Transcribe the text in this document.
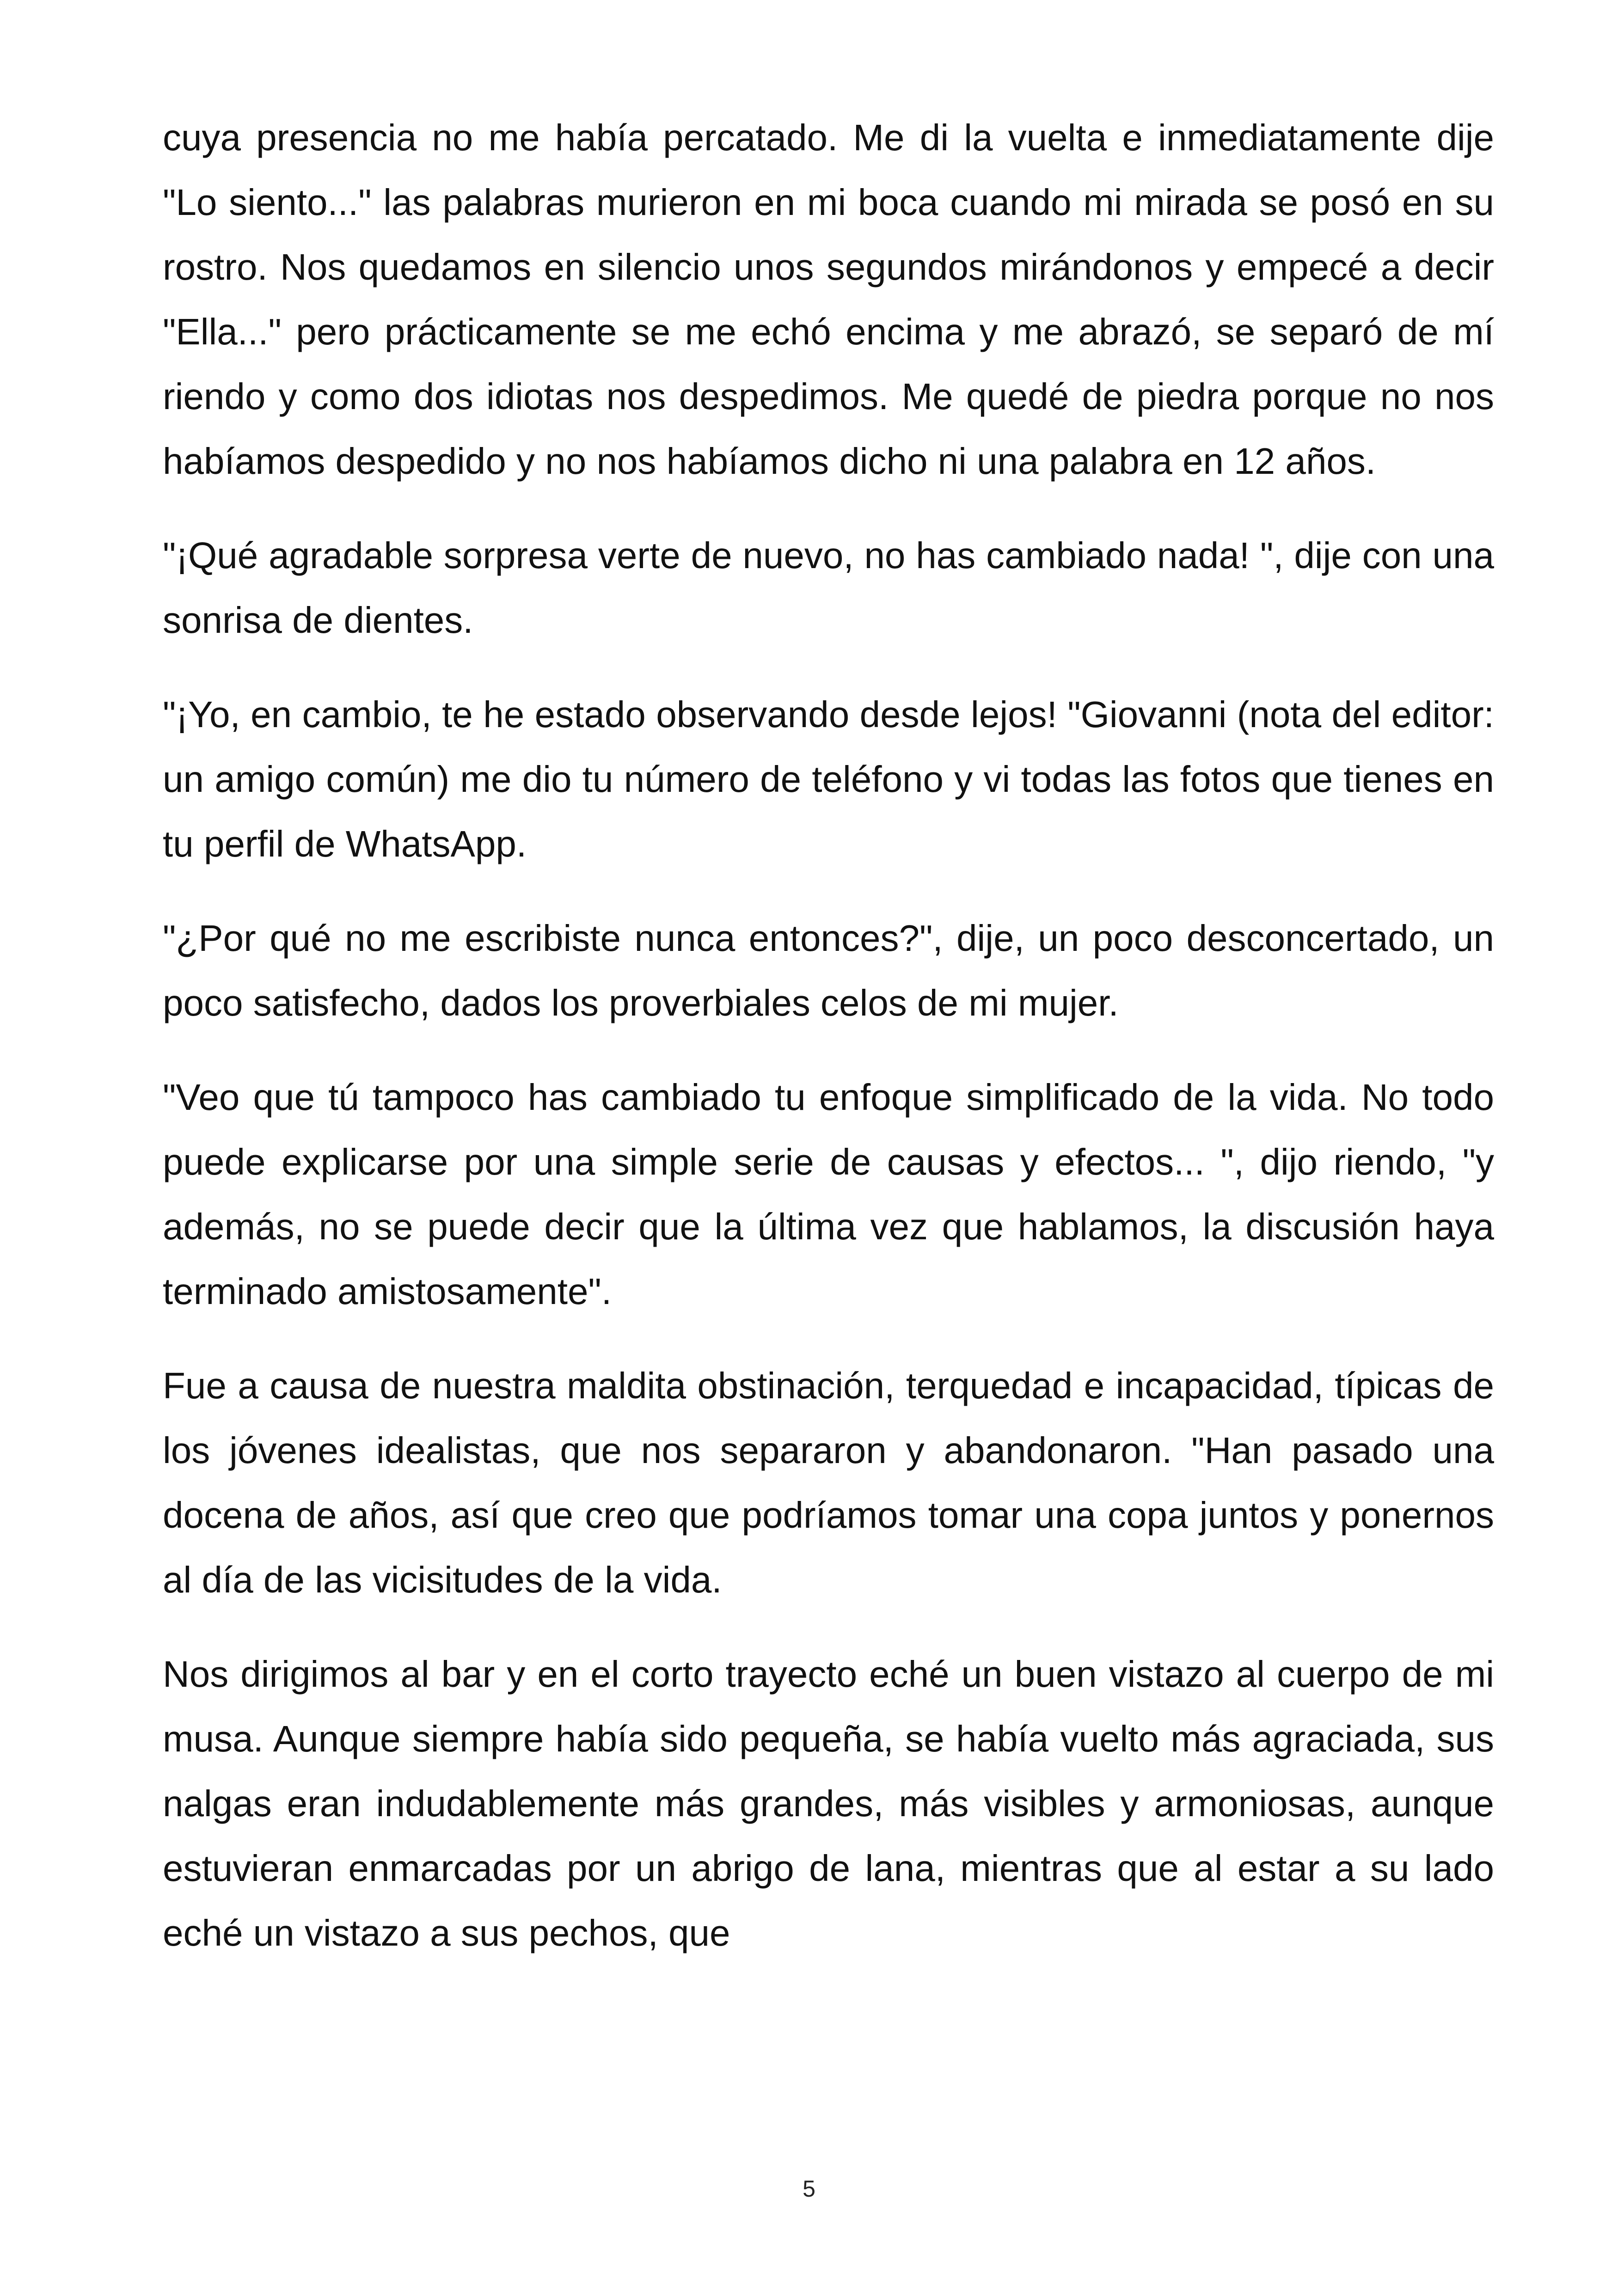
cuya presencia no me había percatado. Me di la vuelta e inmediatamente dije "Lo siento..." las palabras murieron en mi boca cuando mi mirada se posó en su rostro. Nos quedamos en silencio unos segundos mirándonos y empecé a decir "Ella..." pero prácticamente se me echó encima y me abrazó, se separó de mí riendo y como dos idiotas nos despedimos. Me quedé de piedra porque no nos habíamos despedido y no nos habíamos dicho ni una palabra en 12 años.

"¡Qué agradable sorpresa verte de nuevo, no has cambiado nada! ", dije con una sonrisa de dientes.

"¡Yo, en cambio, te he estado observando desde lejos! "Giovanni (nota del editor: un amigo común) me dio tu número de teléfono y vi todas las fotos que tienes en tu perfil de WhatsApp.

"¿Por qué no me escribiste nunca entonces?", dije, un poco desconcertado, un poco satisfecho, dados los proverbiales celos de mi mujer.

"Veo que tú tampoco has cambiado tu enfoque simplificado de la vida. No todo puede explicarse por una simple serie de causas y efectos... ", dijo riendo, "y además, no se puede decir que la última vez que hablamos, la discusión haya terminado amistosamente".

Fue a causa de nuestra maldita obstinación, terquedad e incapacidad, típicas de los jóvenes idealistas, que nos separaron y abandonaron. "Han pasado una docena de años, así que creo que podríamos tomar una copa juntos y ponernos al día de las vicisitudes de la vida.

Nos dirigimos al bar y en el corto trayecto eché un buen vistazo al cuerpo de mi musa. Aunque siempre había sido pequeña, se había vuelto más agraciada, sus nalgas eran indudablemente más grandes, más visibles y armoniosas, aunque estuvieran enmarcadas por un abrigo de lana, mientras que al estar a su lado eché un vistazo a sus pechos, que

5
